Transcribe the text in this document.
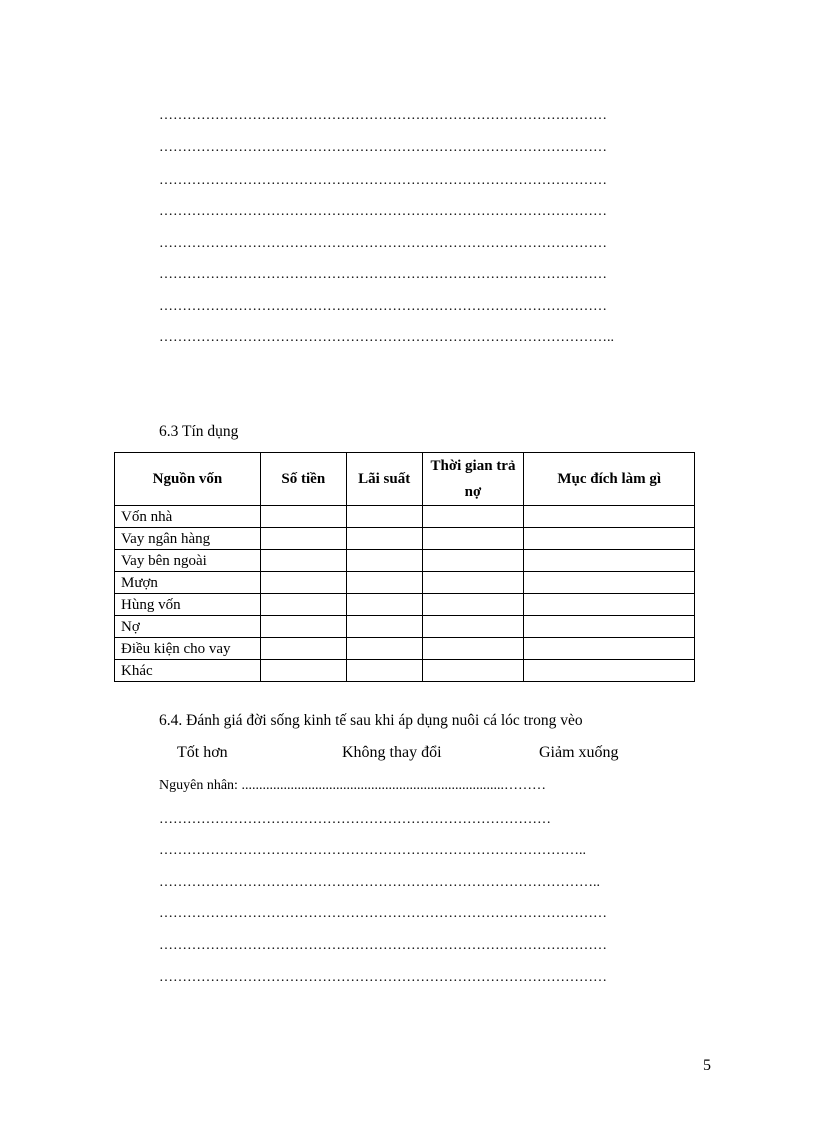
……………………………………………………………………………………
……………………………………………………………………………………
……………………………………………………………………………………
……………………………………………………………………………………
……………………………………………………………………………………
……………………………………………………………………………………
……………………………………………………………………………………
……………………………………………………………………………………..
6.3 Tín dụng
Nguồn vốn	Số tiền	Lãi suất	Thời gian trả nợ	Mục đích làm gì
Vốn nhà				
Vay ngân hàng				
Vay bên ngoài				
Mượn				
Hùng vốn				
Nợ				
Điều kiện cho vay				
Khác				
6.4. Đánh giá đời sống kinh tế sau khi áp dụng nuôi cá lóc trong vèo
Tốt hơn	Không thay đổi	Giảm xuống
Nguyên nhân: ...........................................................................………
…………………………………………………………………………
………………………………………………………………………………..
…………………………………………………………………………………..
……………………………………………………………………………………
……………………………………………………………………………………
……………………………………………………………………………………
5
